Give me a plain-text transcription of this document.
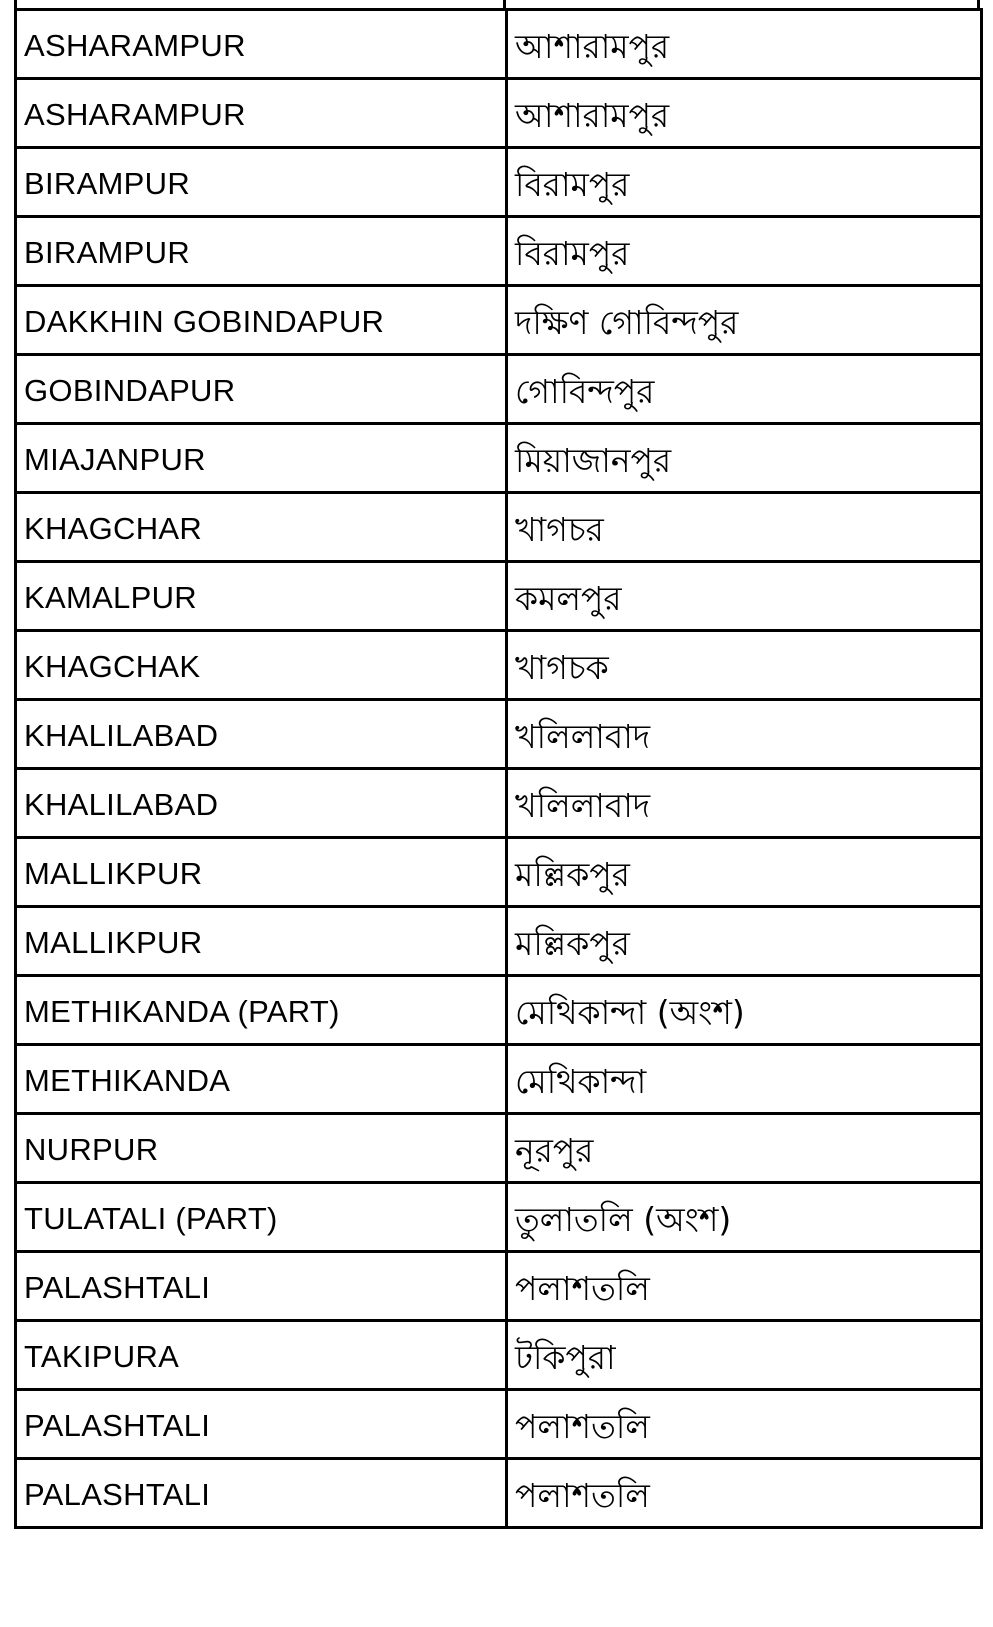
ASHARAMPUR	আশারামপুর
ASHARAMPUR	আশারামপুর
BIRAMPUR	বিরামপুর
BIRAMPUR	বিরামপুর
DAKKHIN GOBINDAPUR	দক্ষিণ গোবিন্দপুর
GOBINDAPUR	গোবিন্দপুর
MIAJANPUR	মিয়াজানপুর
KHAGCHAR	খাগচর
KAMALPUR	কমলপুর
KHAGCHAK	খাগচক
KHALILABAD	খলিলাবাদ
KHALILABAD	খলিলাবাদ
MALLIKPUR	মল্লিকপুর
MALLIKPUR	মল্লিকপুর
METHIKANDA (PART)	মেথিকান্দা (অংশ)
METHIKANDA	মেথিকান্দা
NURPUR	নূরপুর
TULATALI (PART)	তুলাতলি (অংশ)
PALASHTALI	পলাশতলি
TAKIPURA	টকিপুরা
PALASHTALI	পলাশতলি
PALASHTALI	পলাশতলি
